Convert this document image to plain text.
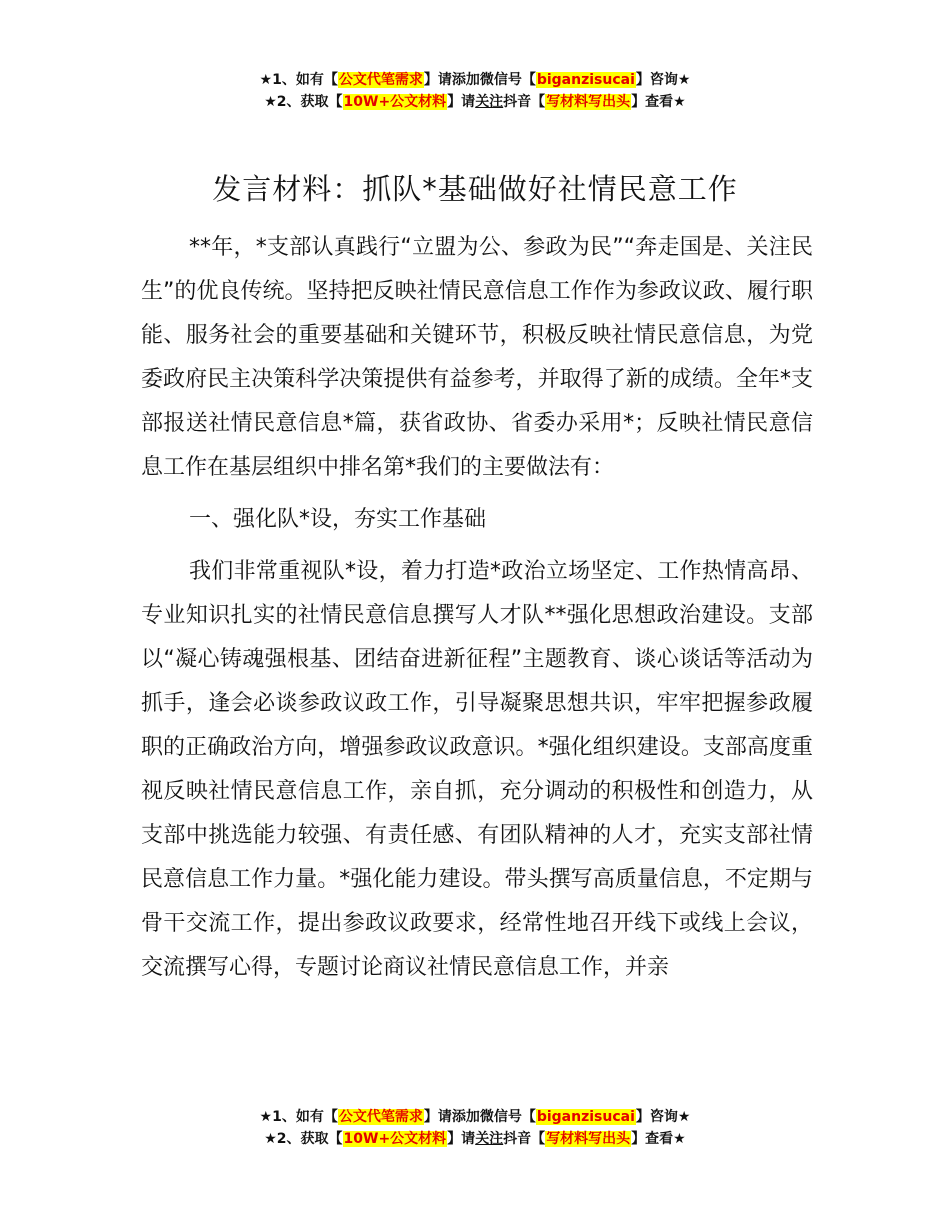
★1、如有【公文代笔需求】请添加微信号【biganzisucai】咨询★
★2、获取【10W+公文材料】请关注抖音【写材料写出头】查看★
发言材料：抓队*基础做好社情民意工作

**年，*支部认真践行“立盟为公、参政为民”“奔走国是、关注民生”的优良传统。坚持把反映社情民意信息工作作为参政议政、履行职能、服务社会的重要基础和关键环节，积极反映社情民意信息，为党委政府民主决策科学决策提供有益参考，并取得了新的成绩。全年*支部报送社情民意信息*篇，获省政协、省委办采用*；反映社情民意信息工作在基层组织中排名第*我们的主要做法有：

一、强化队*设，夯实工作基础

我们非常重视队*设，着力打造*政治立场坚定、工作热情高昂、专业知识扎实的社情民意信息撰写人才队**强化思想政治建设。支部以“凝心铸魂强根基、团结奋进新征程”主题教育、谈心谈话等活动为抓手，逢会必谈参政议政工作，引导凝聚思想共识，牢牢把握参政履职的正确政治方向，增强参政议政意识。*强化组织建设。支部高度重视反映社情民意信息工作，亲自抓，充分调动的积极性和创造力，从支部中挑选能力较强、有责任感、有团队精神的人才，充实支部社情民意信息工作力量。*强化能力建设。带头撰写高质量信息，不定期与骨干交流工作，提出参政议政要求，经常性地召开线下或线上会议，交流撰写心得，专题讨论商议社情民意信息工作，并亲

★1、如有【公文代笔需求】请添加微信号【biganzisucai】咨询★
★2、获取【10W+公文材料】请关注抖音【写材料写出头】查看★
